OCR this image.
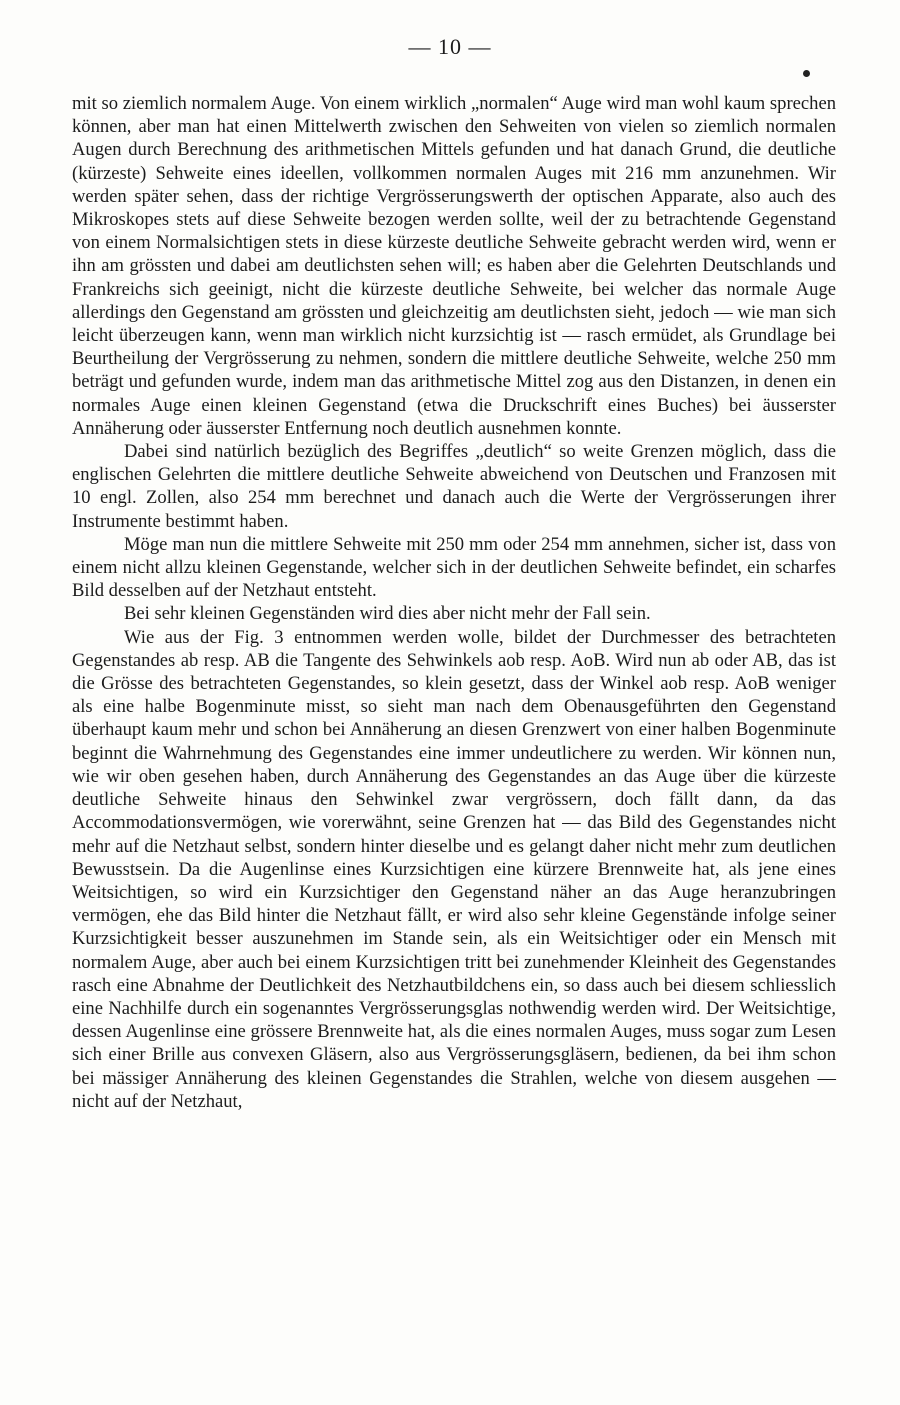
— 10 —

mit so ziemlich normalem Auge. Von einem wirklich „normalen“ Auge wird man wohl kaum sprechen können, aber man hat einen Mittelwerth zwischen den Sehweiten von vielen so ziemlich normalen Augen durch Berechnung des arithmetischen Mittels gefunden und hat danach Grund, die deutliche (kürzeste) Sehweite eines ideellen, vollkommen normalen Auges mit 216 mm anzunehmen. Wir werden später sehen, dass der richtige Vergrösserungswerth der optischen Apparate, also auch des Mikroskopes stets auf diese Sehweite bezogen werden sollte, weil der zu betrachtende Gegenstand von einem Normalsichtigen stets in diese kürzeste deutliche Sehweite gebracht werden wird, wenn er ihn am grössten und dabei am deutlichsten sehen will; es haben aber die Gelehrten Deutschlands und Frankreichs sich geeinigt, nicht die kürzeste deutliche Sehweite, bei welcher das normale Auge allerdings den Gegenstand am grössten und gleichzeitig am deutlichsten sieht, jedoch — wie man sich leicht überzeugen kann, wenn man wirklich nicht kurzsichtig ist — rasch ermüdet, als Grundlage bei Beurtheilung der Vergrösserung zu nehmen, sondern die mittlere deutliche Sehweite, welche 250 mm beträgt und gefunden wurde, indem man das arithmetische Mittel zog aus den Distanzen, in denen ein normales Auge einen kleinen Gegenstand (etwa die Druckschrift eines Buches) bei äusserster Annäherung oder äusserster Entfernung noch deutlich ausnehmen konnte.

Dabei sind natürlich bezüglich des Begriffes „deutlich“ so weite Grenzen möglich, dass die englischen Gelehrten die mittlere deutliche Sehweite abweichend von Deutschen und Franzosen mit 10 engl. Zollen, also 254 mm berechnet und danach auch die Werte der Vergrösserungen ihrer Instrumente bestimmt haben.

Möge man nun die mittlere Sehweite mit 250 mm oder 254 mm annehmen, sicher ist, dass von einem nicht allzu kleinen Gegenstande, welcher sich in der deutlichen Sehweite befindet, ein scharfes Bild desselben auf der Netzhaut entsteht.

Bei sehr kleinen Gegenständen wird dies aber nicht mehr der Fall sein.

Wie aus der Fig. 3 entnommen werden wolle, bildet der Durchmesser des betrachteten Gegenstandes ab resp. AB die Tangente des Sehwinkels aob resp. AoB. Wird nun ab oder AB, das ist die Grösse des betrachteten Gegenstandes, so klein gesetzt, dass der Winkel aob resp. AoB weniger als eine halbe Bogenminute misst, so sieht man nach dem Obenausgeführten den Gegenstand überhaupt kaum mehr und schon bei Annäherung an diesen Grenzwert von einer halben Bogenminute beginnt die Wahrnehmung des Gegenstandes eine immer undeutlichere zu werden. Wir können nun, wie wir oben gesehen haben, durch Annäherung des Gegenstandes an das Auge über die kürzeste deutliche Sehweite hinaus den Sehwinkel zwar vergrössern, doch fällt dann, da das Accommodationsvermögen, wie vorerwähnt, seine Grenzen hat — das Bild des Gegenstandes nicht mehr auf die Netzhaut selbst, sondern hinter dieselbe und es gelangt daher nicht mehr zum deutlichen Bewusstsein. Da die Augenlinse eines Kurzsichtigen eine kürzere Brennweite hat, als jene eines Weitsichtigen, so wird ein Kurzsichtiger den Gegenstand näher an das Auge heranzubringen vermögen, ehe das Bild hinter die Netzhaut fällt, er wird also sehr kleine Gegenstände infolge seiner Kurzsichtigkeit besser auszunehmen im Stande sein, als ein Weitsichtiger oder ein Mensch mit normalem Auge, aber auch bei einem Kurzsichtigen tritt bei zunehmender Kleinheit des Gegenstandes rasch eine Abnahme der Deutlichkeit des Netzhautbildchens ein, so dass auch bei diesem schliesslich eine Nachhilfe durch ein sogenanntes Vergrösserungsglas nothwendig werden wird. Der Weitsichtige, dessen Augenlinse eine grössere Brennweite hat, als die eines normalen Auges, muss sogar zum Lesen sich einer Brille aus convexen Gläsern, also aus Vergrösserungsgläsern, bedienen, da bei ihm schon bei mässiger Annäherung des kleinen Gegenstandes die Strahlen, welche von diesem ausgehen — nicht auf der Netzhaut,
